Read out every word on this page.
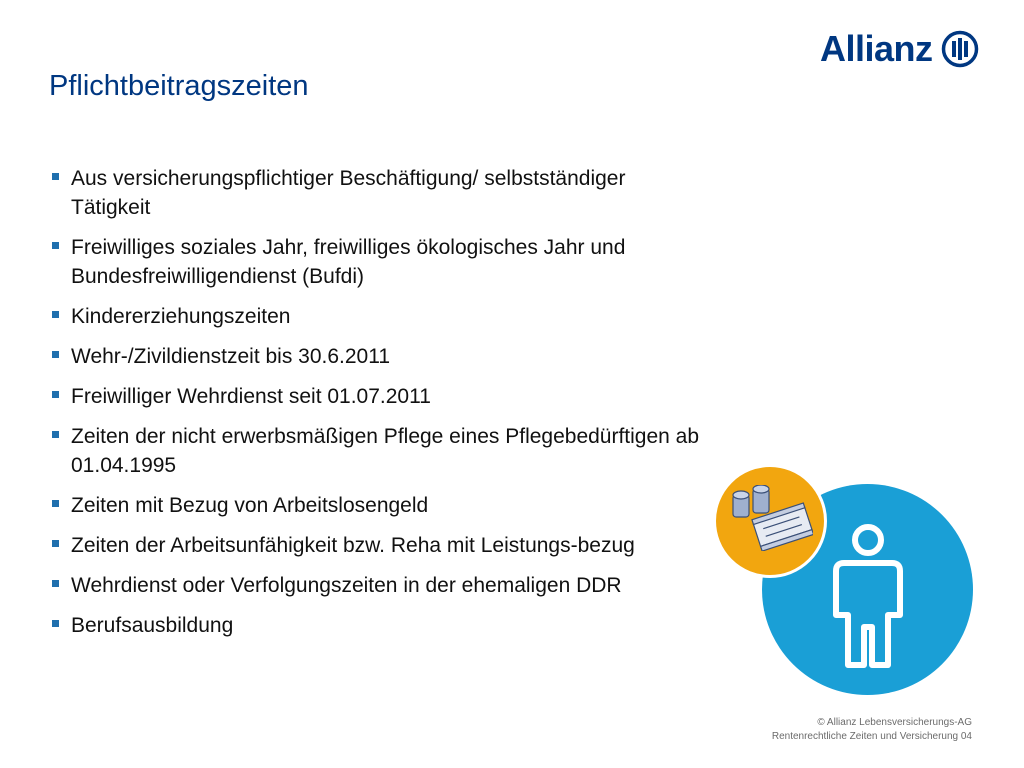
Allianz
Pflichtbeitragszeiten
Aus versicherungspflichtiger Beschäftigung/ selbstständiger Tätigkeit
Freiwilliges soziales Jahr, freiwilliges ökologisches Jahr und Bundesfreiwilligendienst (Bufdi)
Kindererziehungszeiten
Wehr-/Zivildienstzeit bis 30.6.2011
Freiwilliger Wehrdienst seit 01.07.2011
Zeiten der nicht erwerbsmäßigen Pflege eines Pflegebedürftigen ab 01.04.1995
Zeiten mit Bezug von Arbeitslosengeld
Zeiten der Arbeitsunfähigkeit bzw. Reha mit Leistungs-bezug
Wehrdienst oder Verfolgungszeiten in der ehemaligen DDR
Berufsausbildung
© Allianz Lebensversicherungs-AG
Rentenrechtliche Zeiten und Versicherung 04
